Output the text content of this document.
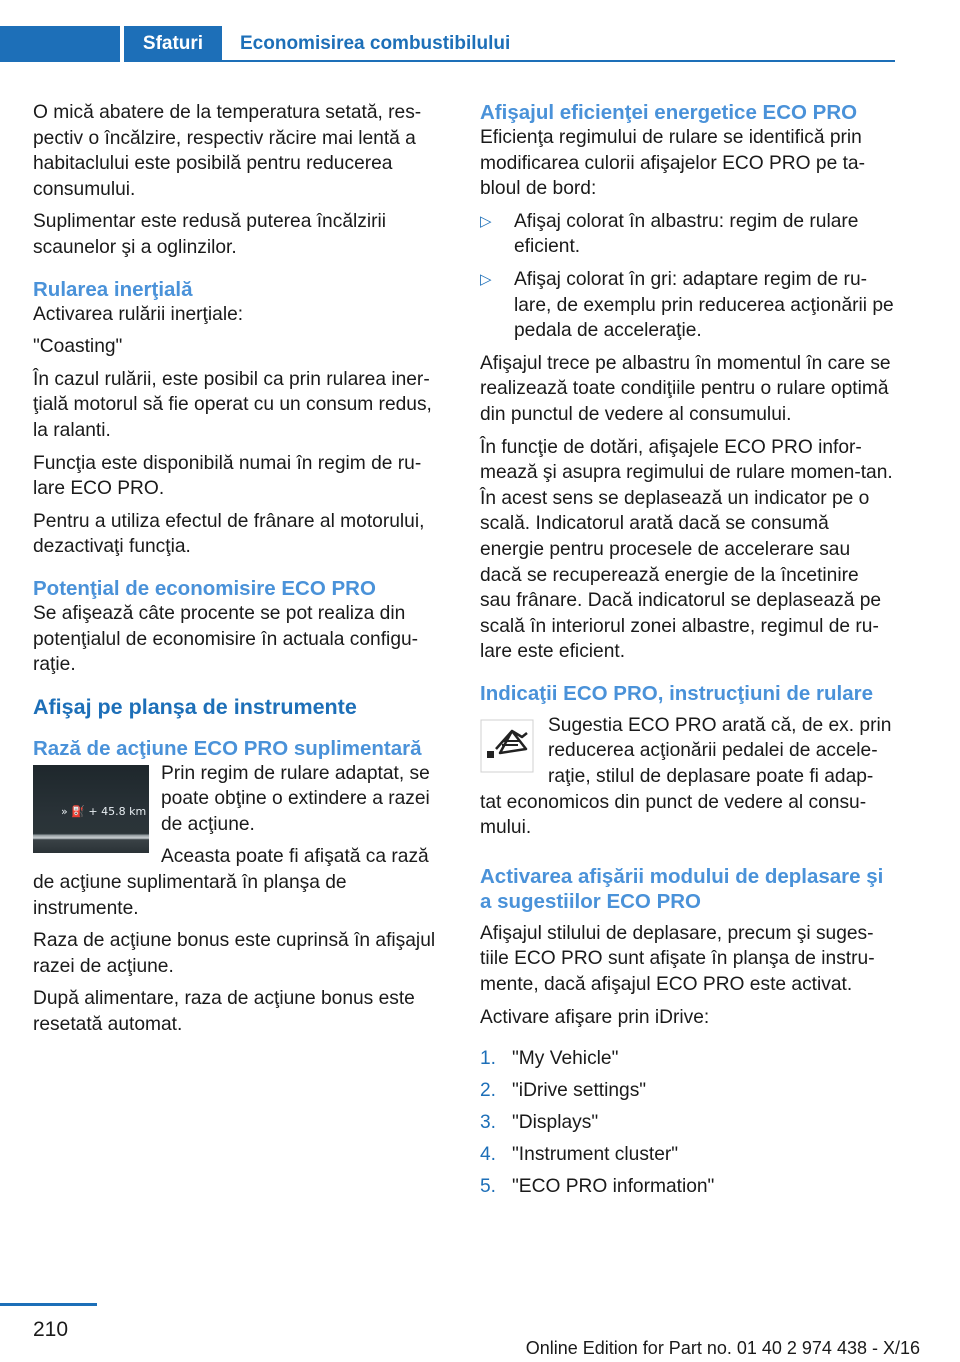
Sfaturi	Economisirea combustibilului

O mică abatere de la temperatura setată, res‐pectiv o încălzire, respectiv răcire mai lentă a habitaclului este posibilă pentru reducerea consumului.

Suplimentar este redusă puterea încălzirii scaunelor şi a oglinzilor.

Rularea inerţială

Activarea rulării inerţiale:

"Coasting"

În cazul rulării, este posibil ca prin rularea iner‐ţială motorul să fie operat cu un consum redus, la ralanti.

Funcţia este disponibilă numai în regim de ru‐lare ECO PRO.

Pentru a utiliza efectul de frânare al motorului, dezactivaţi funcţia.

Potenţial de economisire ECO PRO

Se afişează câte procente se pot realiza din potenţialul de economisire în actuala configu‐raţie.

Afişaj pe planşa de instrumente
Rază de acţiune ECO PRO suplimentară
» ⛽ + 45.8 km

Prin regim de rulare adaptat, se poate obţine o extindere a razei de acţiune.

Aceasta poate fi afişată ca rază de acţiune suplimentară în planşa de instrumente.

Raza de acţiune bonus este cuprinsă în afişajul razei de acţiune.

După alimentare, raza de acţiune bonus este resetată automat.

Afişajul eficienţei energetice ECO PRO

Eficienţa regimului de rulare se identifică prin modificarea culorii afişajelor ECO PRO pe ta‐bloul de bord:

▷ Afişaj colorat în albastru: regim de rulare eficient.
▷ Afişaj colorat în gri: adaptare regim de ru‐lare, de exemplu prin reducerea acţionării pe pedala de acceleraţie.

Afişajul trece pe albastru în momentul în care se realizează toate condiţiile pentru o rulare optimă din punctul de vedere al consumului.

În funcţie de dotări, afişajele ECO PRO infor‐mează şi asupra regimului de rulare momen‐tan. În acest sens se deplasează un indicator pe o scală. Indicatorul arată dacă se consumă energie pentru procesele de accelerare sau dacă se recuperează energie de la încetinire sau frânare. Dacă indicatorul se deplasează pe scală în interiorul zonei albastre, regimul de ru‐lare este eficient.

Indicaţii ECO PRO, instrucţiuni de rulare

Sugestia ECO PRO arată că, de ex. prin reducerea acţionării pedalei de accele‐raţie, stilul de deplasare poate fi adap‐tat economicos din punct de vedere al consu‐mului.

Activarea afişării modului de deplasare şi a sugestiilor ECO PRO

Afişajul stilului de deplasare, precum şi suges‐tiile ECO PRO sunt afişate în planşa de instru‐mente, dacă afişajul ECO PRO este activat.

Activare afişare prin iDrive:

1. "My Vehicle"
2. "iDrive settings"
3. "Displays"
4. "Instrument cluster"
5. "ECO PRO information"
210
Online Edition for Part no. 01 40 2 974 438 - X/16
